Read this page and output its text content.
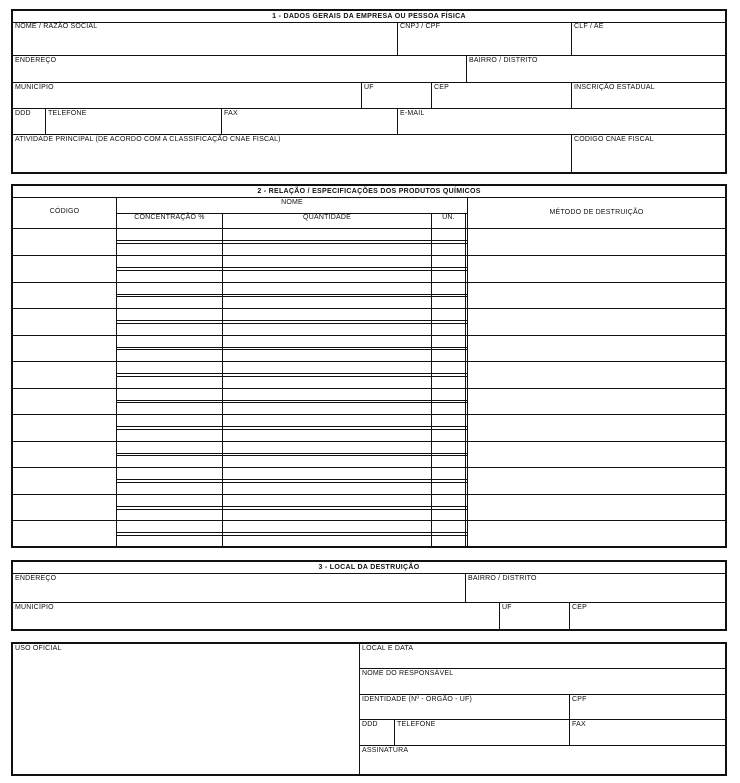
1 - DADOS GERAIS DA EMPRESA OU PESSOA FÍSICA
NOME / RAZÃO SOCIAL	CNPJ / CPF	CLF / AE
ENDEREÇO	BAIRRO / DISTRITO
MUNICÍPIO	UF	CEP	INSCRIÇÃO ESTADUAL
DDD TELEFONE	FAX	E-MAIL
ATIVIDADE PRINCIPAL (DE ACORDO COM A CLASSIFICAÇÃO CNAE FISCAL)	CÓDIGO CNAE FISCAL
2 - RELAÇÃO / ESPECIFICAÇÕES DOS PRODUTOS QUÍMICOS
CÓDIGO
NOME
CONCENTRAÇÃO %	QUANTIDADE	UN.
MÉTODO DE DESTRUIÇÃO
3 - LOCAL DA DESTRUIÇÃO
ENDEREÇO	BAIRRO / DISTRITO
MUNICÍPIO	UF	CEP
USO OFICIAL	LOCAL E DATA
NOME DO RESPONSÁVEL
IDENTIDADE (Nº - ÓRGÃO - UF)	CPF
DDD	TELEFONE	FAX
ASSINATURA
